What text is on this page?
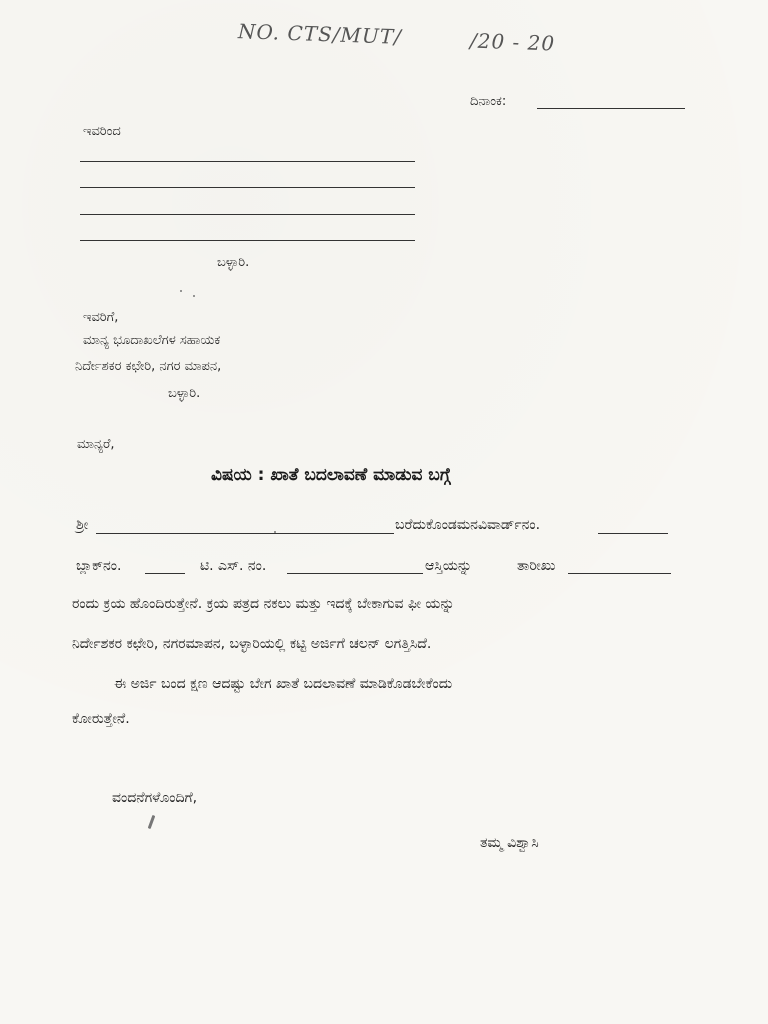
NO. CTS/MUT/	/20 - 20
ದಿನಾಂಕ:
ಇವರಿಂದ
ಬಳ್ಳಾರಿ.
ಇವರಿಗೆ,
ಮಾನ್ಯ ಭೂದಾಖಲೆಗಳ ಸಹಾಯಕ
ನಿರ್ದೇಶಕರ ಕಛೇರಿ, ನಗರ ಮಾಪನ,
ಬಳ್ಳಾರಿ.
ಮಾನ್ಯರೆ,
ವಿಷಯ : ಖಾತೆ ಬದಲಾವಣೆ ಮಾಡುವ ಬಗ್ಗೆ
ಶ್ರೀ	ಬರೆದುಕೊಂಡಮನವಿವಾರ್ಡ್‌ನಂ.
ಬ್ಲಾಕ್‌ನಂ.	ಟಿ. ಎಸ್. ನಂ.	ಆಸ್ತಿಯನ್ನು	ತಾರೀಖು
ರಂದು ಕ್ರಯ ಹೊಂದಿರುತ್ತೇನೆ. ಕ್ರಯ ಪತ್ರದ ನಕಲು ಮತ್ತು ಇದಕ್ಕೆ ಬೇಕಾಗುವ ಫೀ ಯನ್ನು
ನಿರ್ದೇಶಕರ ಕಛೇರಿ, ನಗರಮಾಪನ, ಬಳ್ಳಾರಿಯಲ್ಲಿ ಕಟ್ಟಿ ಅರ್ಜಿಗೆ ಚಲನ್ ಲಗತ್ತಿಸಿದೆ.
ಈ ಅರ್ಜಿ ಬಂದ ಕ್ಷಣ ಆದಷ್ಟು ಬೇಗ ಖಾತೆ ಬದಲಾವಣೆ ಮಾಡಿಕೊಡಬೇಕೆಂದು
ಕೋರುತ್ತೇನೆ.
ವಂದನೆಗಳೊಂದಿಗೆ,
ತಮ್ಮ ವಿಶ್ವಾಸಿ
